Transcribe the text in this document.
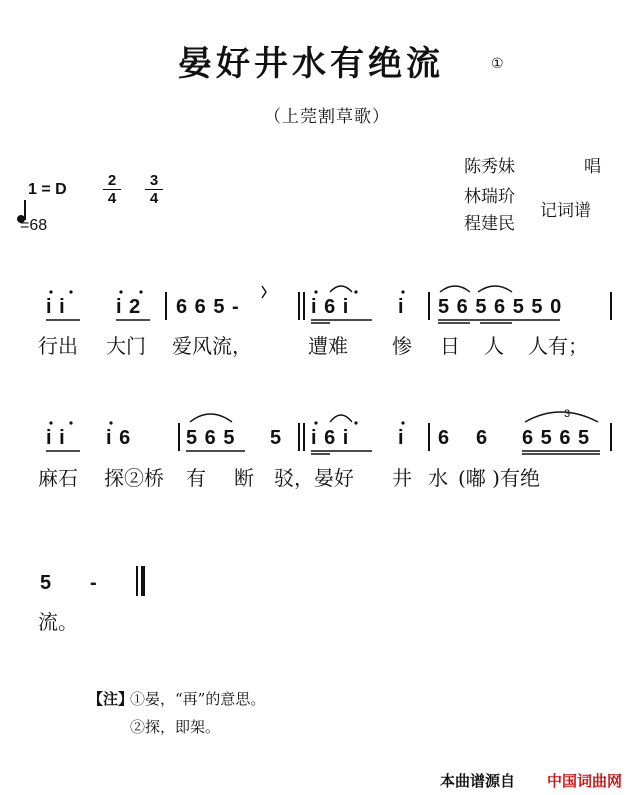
晏好井水有绝流	①
（上莞割草歌）
陈秀妹	唱
林瑞玠
程建民
记词谱
1 = D $\frac{2}{4} \frac{3}{4}$
=68
i i	i 2 6 6 5 -	i 6 i i 5 6 5 6 5 5 0
行出 大门 爱风流，	遭难 惨 日 人 人有；
i i i 6	5 6 5 5 i 6 i i 6 6 6 5 6 5
3
麻石 探②桥 有 断 驳，晏好 井 水 (嘟 )有绝
5 -
流。
【注】
①晏，“再”的意思。
②探，即架。
本曲谱源自 中国词曲网
